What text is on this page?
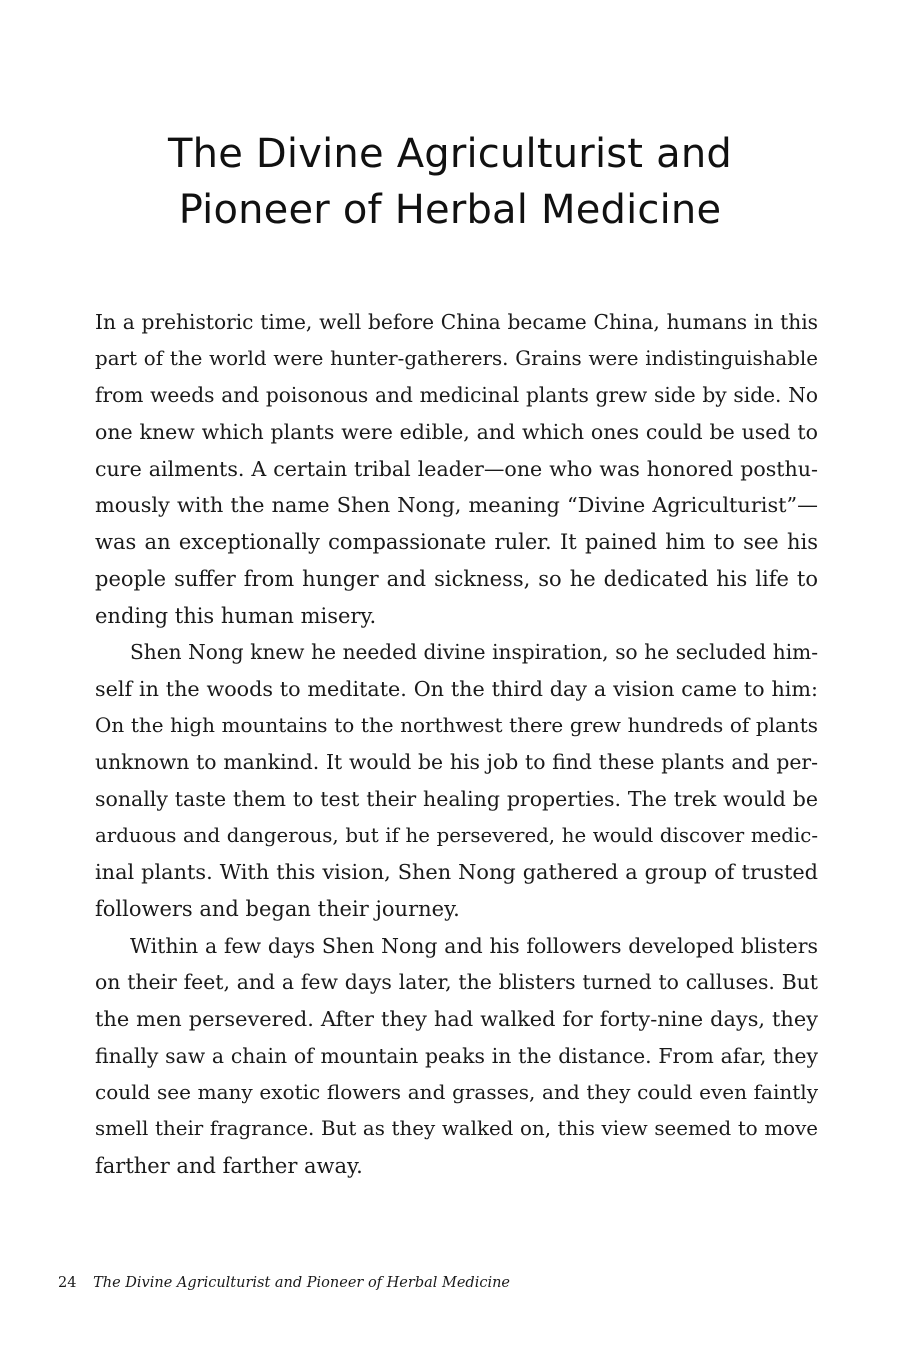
The Divine Agriculturist and
Pioneer of Herbal Medicine
In a prehistoric time, well before China became China, humans in this
part of the world were hunter-gatherers. Grains were indistinguishable
from weeds and poisonous and medicinal plants grew side by side. No
one knew which plants were edible, and which ones could be used to
cure ailments. A certain tribal leader—one who was honored posthu-
mously with the name Shen Nong, meaning “Divine Agriculturist”—
was an exceptionally compassionate ruler. It pained him to see his
people suffer from hunger and sickness, so he dedicated his life to
ending this human misery.
Shen Nong knew he needed divine inspiration, so he secluded him-
self in the woods to meditate. On the third day a vision came to him:
On the high mountains to the northwest there grew hundreds of plants
unknown to mankind. It would be his job to find these plants and per-
sonally taste them to test their healing properties. The trek would be
arduous and dangerous, but if he persevered, he would discover medic-
inal plants. With this vision, Shen Nong gathered a group of trusted
followers and began their journey.
Within a few days Shen Nong and his followers developed blisters
on their feet, and a few days later, the blisters turned to calluses. But
the men persevered. After they had walked for forty-nine days, they
finally saw a chain of mountain peaks in the distance. From afar, they
could see many exotic flowers and grasses, and they could even faintly
smell their fragrance. But as they walked on, this view seemed to move
farther and farther away.
24 The Divine Agriculturist and Pioneer of Herbal Medicine
